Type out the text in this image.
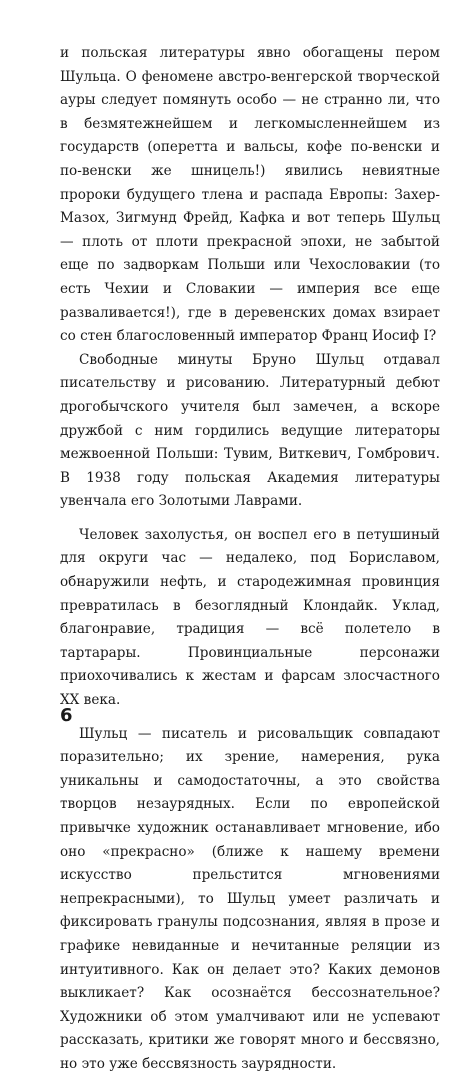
и польская литературы явно обогащены пером Шульца. О феномене австро-венгерской творческой ауры следует помянуть особо — не странно ли, что в безмятежнейшем и легкомысленнейшем из государств (оперетта и вальсы, кофе по-венски и по-венски же шницель!) явились невиятные пророки будущего тлена и распада Европы: Захер-Мазох, Зигмунд Фрейд, Кафка и вот теперь Шульц — плоть от плоти прекрасной эпохи, не забытой еще по задворкам Польши или Чехословакии (то есть Чехии и Словакии — империя все еще разваливается!), где в деревенских домах взирает со стен благословенный император Франц Иосиф I?

Свободные минуты Бруно Шульц отдавал писательству и рисованию. Литературный дебют дрогобычского учителя был замечен, а вскоре дружбой с ним гордились ведущие литераторы межвоенной Польши: Тувим, Виткевич, Гомбрович. В 1938 году польская Академия литературы увенчала его Золотыми Лаврами.

Человек захолустья, он воспел его в петушиный для округи час — недалеко, под Бориславом, обнаружили нефть, и стародежимная провинция превратилась в безоглядный Клондайк. Уклад, благонравие, традиция — всё полетело в тартарары. Провинциальные персонажи приохочивались к жестам и фарсам злосчастного XX века.

Шульц — писатель и рисовальщик совпадают поразительно; их зрение, намерения, рука уникальны и самодостаточны, а это свойства творцов незаурядных. Если по европейской привычке художник останавливает мгновение, ибо оно «прекрасно» (ближе к нашему времени искусство прельстится мгновениями непрекрасными), то Шульц умеет различать и фиксировать гранулы подсознания, являя в прозе и графике невиданные и нечитанные реляции из интуитивного. Как он делает это? Каких демонов выкликает? Как осознаётся бессознательное? Художники об этом умалчивают или не успевают рассказать, критики же говорят много и бессвязно, но это уже бессвязность заурядности.

6
